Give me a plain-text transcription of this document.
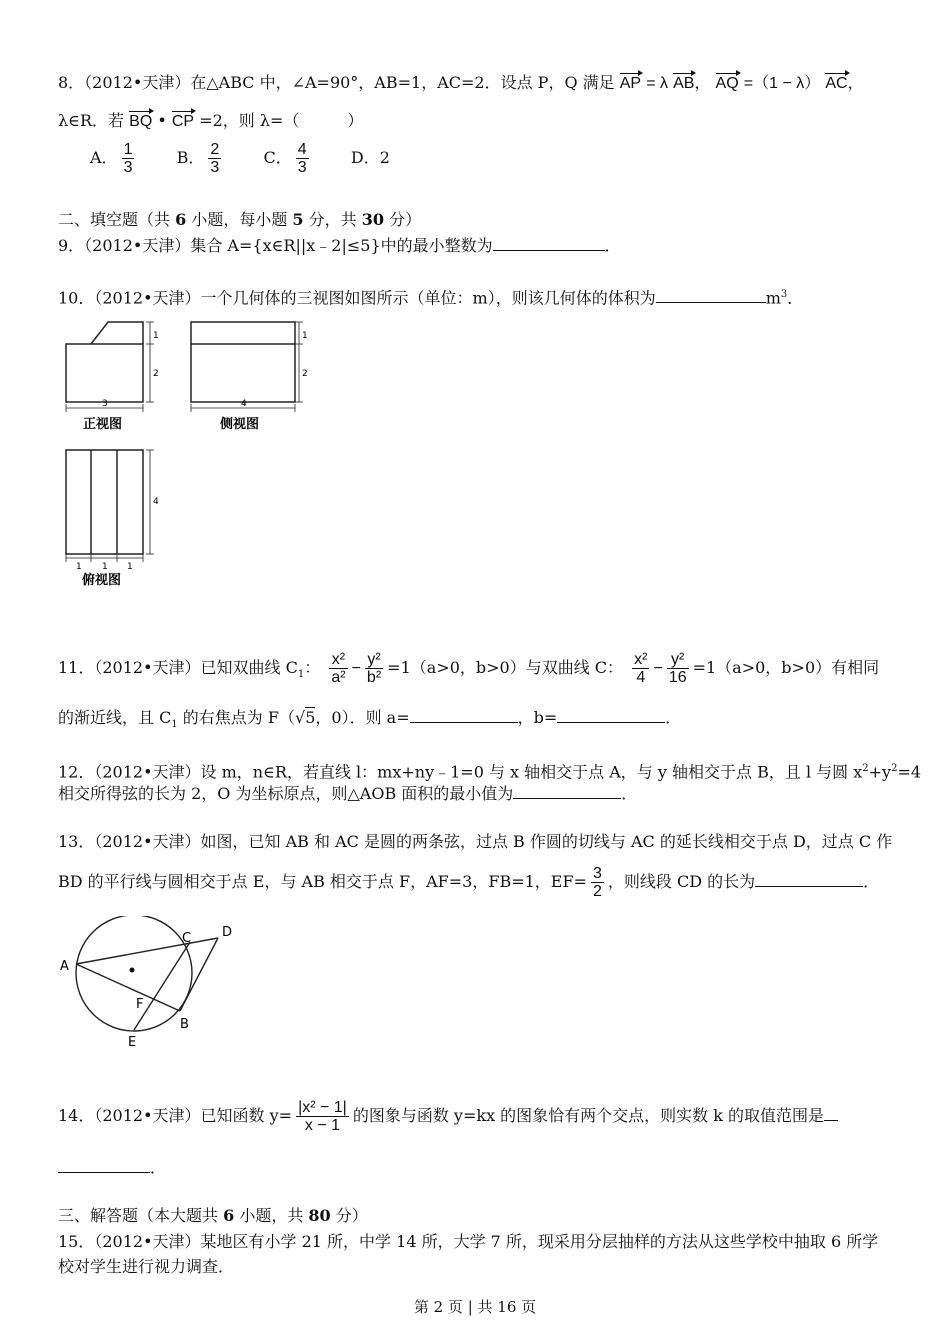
8．（2012•天津）在△ABC 中，∠A=90°，AB=1，AC=2．设点 P，Q 满足 AP = λ AB， AQ =（1 − λ） AC，
λ∈R．若 BQ • CP =2，则 λ=（　　　）
A． $\frac{1}{3}$	B． $\frac{2}{3}$	C． $\frac{4}{3}$	D．2
二、填空题（共 6 小题，每小题 5 分，共 30 分）
9．（2012•天津）集合 A={x∈R||x﹣2|≤5}中的最小整数为	．
10．（2012•天津）一个几何体的三视图如图所示（单位：m），则该几何体的体积为	$m^3$．
1
2
3
正视图
1
2
4
侧视图
4
1 1 1
俯视图
11．（2012•天津）已知双曲线 $C_1$： $\frac{\text{x²}}{\text{a²}} - \frac{\text{y²}}{\text{b²}} =1(a>0$，b>0）与双曲线 C： $\frac{\text{x²}}{4} - \frac{\text{y²}}{16} =1(a>0$，b>0）有相同
的渐近线，且 $C_1$ 的右焦点为 F（√5，0）．则 a=	，b=	．
12．（2012•天津）设 m，n∈R，若直线 l：mx+ny﹣1=0 与 x 轴相交于点 A，与 y 轴相交于点 B，且 l 与圆 $x^2+y^2=4$
相交所得弦的长为 2，O 为坐标原点，则△AOB 面积的最小值为	．
13．（2012•天津）如图，已知 AB 和 AC 是圆的两条弦，过点 B 作圆的切线与 AC 的延长线相交于点 D，过点 C 作
BD 的平行线与圆相交于点 E，与 AB 相交于点 F，AF=3，FB=1，$EF= \frac{3}{2}$ ，则线段 CD 的长为	．
A
B
C D
E
F
14．（2012•天津）已知函数 $y= \frac{\text{|x² − 1|}}{x - 1}$ 的图象与函数 y=kx 的图象恰有两个交点，则实数 k 的取值范围是
．
三、解答题（本大题共 6 小题，共 80 分）
15．（2012•天津）某地区有小学 21 所，中学 14 所，大学 7 所，现采用分层抽样的方法从这些学校中抽取 6 所学
校对学生进行视力调查．
第 2 页 | 共 16 页
